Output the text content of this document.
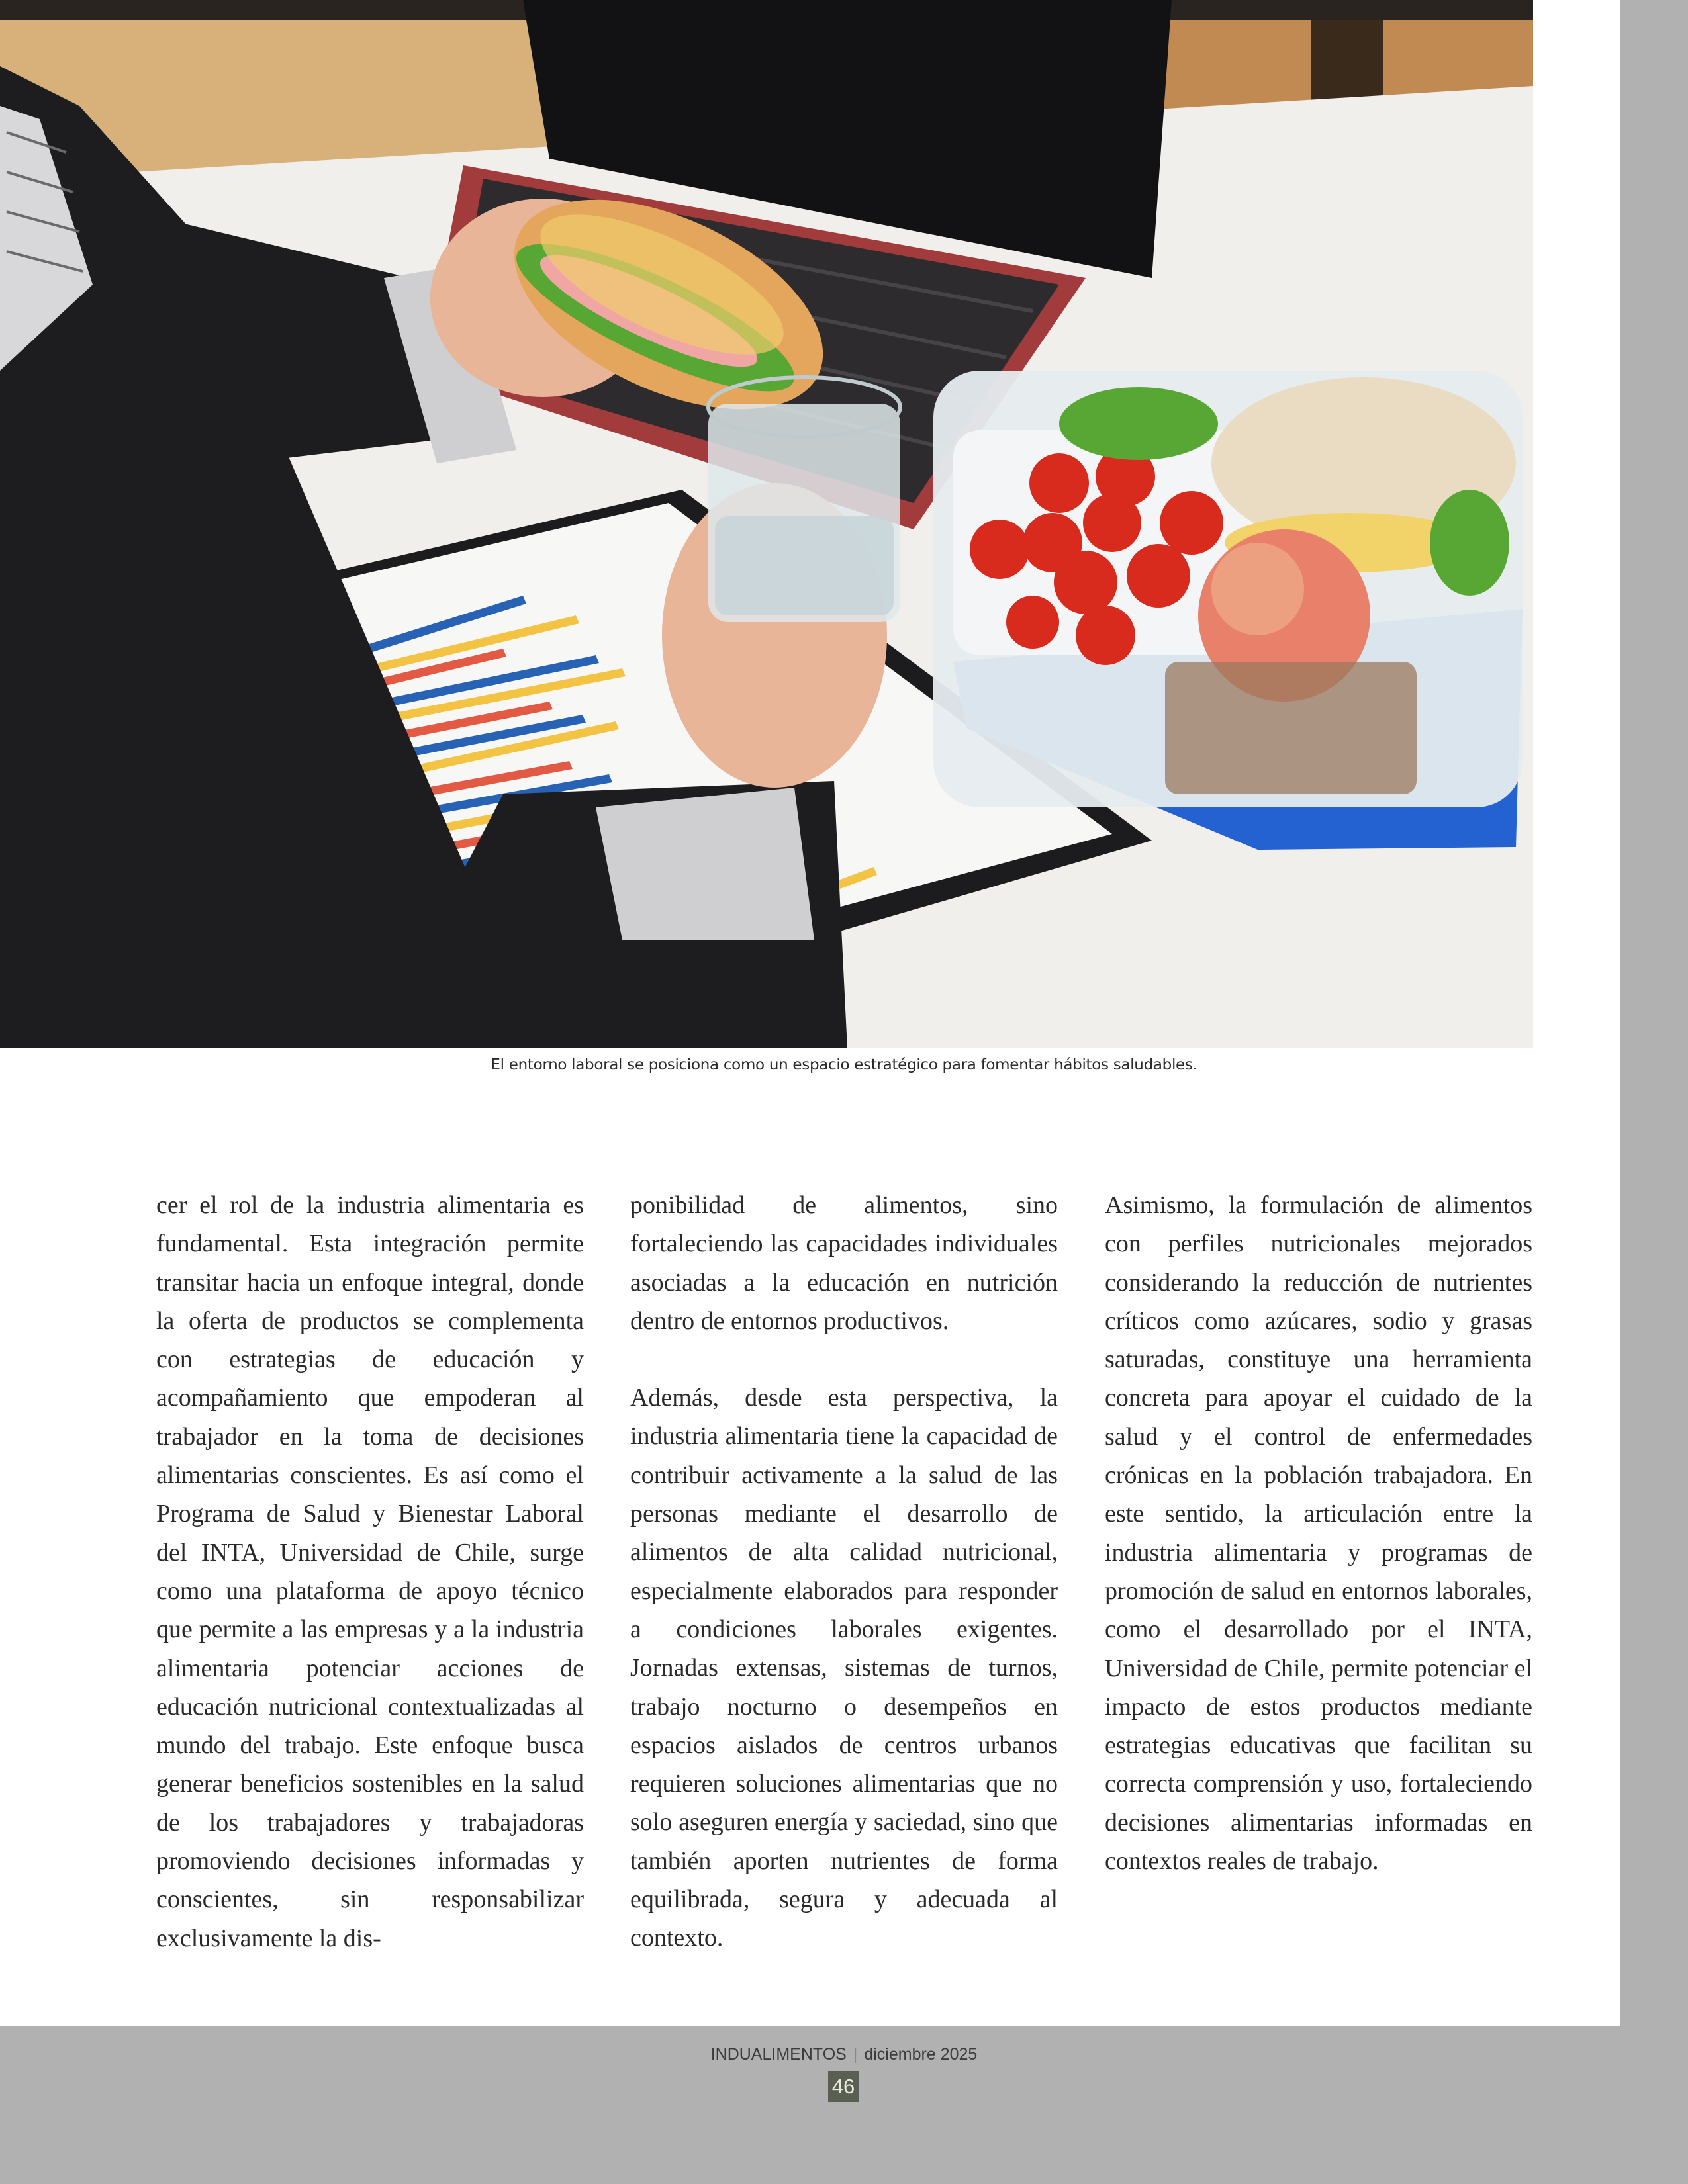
El entorno laboral se posiciona como un espacio estratégico para fomentar hábitos saludables.

cer el rol de la industria alimentaria es fundamental. Esta integración permite transitar hacia un enfoque integral, donde la oferta de productos se complementa con estrategias de educación y acompañamiento que empoderan al trabajador en la toma de decisiones alimentarias conscientes. Es así como el Programa de Salud y Bienestar Laboral del INTA, Universidad de Chile, surge como una plataforma de apoyo técnico que permite a las empresas y a la industria alimentaria potenciar acciones de educación nutricional contextualizadas al mundo del trabajo. Este enfoque busca generar beneficios sostenibles en la salud de los trabajadores y trabajadoras promoviendo decisiones informadas y conscientes, sin responsabilizar exclusivamente la dis-

ponibilidad de alimentos, sino fortaleciendo las capacidades individuales asociadas a la educación en nutrición dentro de entornos productivos.

Además, desde esta perspectiva, la industria alimentaria tiene la capacidad de contribuir activamente a la salud de las personas mediante el desarrollo de alimentos de alta calidad nutricional, especialmente elaborados para responder a condiciones laborales exigentes. Jornadas extensas, sistemas de turnos, trabajo nocturno o desempeños en espacios aislados de centros urbanos requieren soluciones alimentarias que no solo aseguren energía y saciedad, sino que también aporten nutrientes de forma equilibrada, segura y adecuada al contexto.

Asimismo, la formulación de alimentos con perfiles nutricionales mejorados considerando la reducción de nutrientes críticos como azúcares, sodio y grasas saturadas, constituye una herramienta concreta para apoyar el cuidado de la salud y el control de enfermedades crónicas en la población trabajadora. En este sentido, la articulación entre la industria alimentaria y programas de promoción de salud en entornos laborales, como el desarrollado por el INTA, Universidad de Chile, permite potenciar el impacto de estos productos mediante estrategias educativas que facilitan su correcta comprensión y uso, fortaleciendo decisiones alimentarias informadas en contextos reales de trabajo.

INDUALIMENTOS | diciembre 2025
46
